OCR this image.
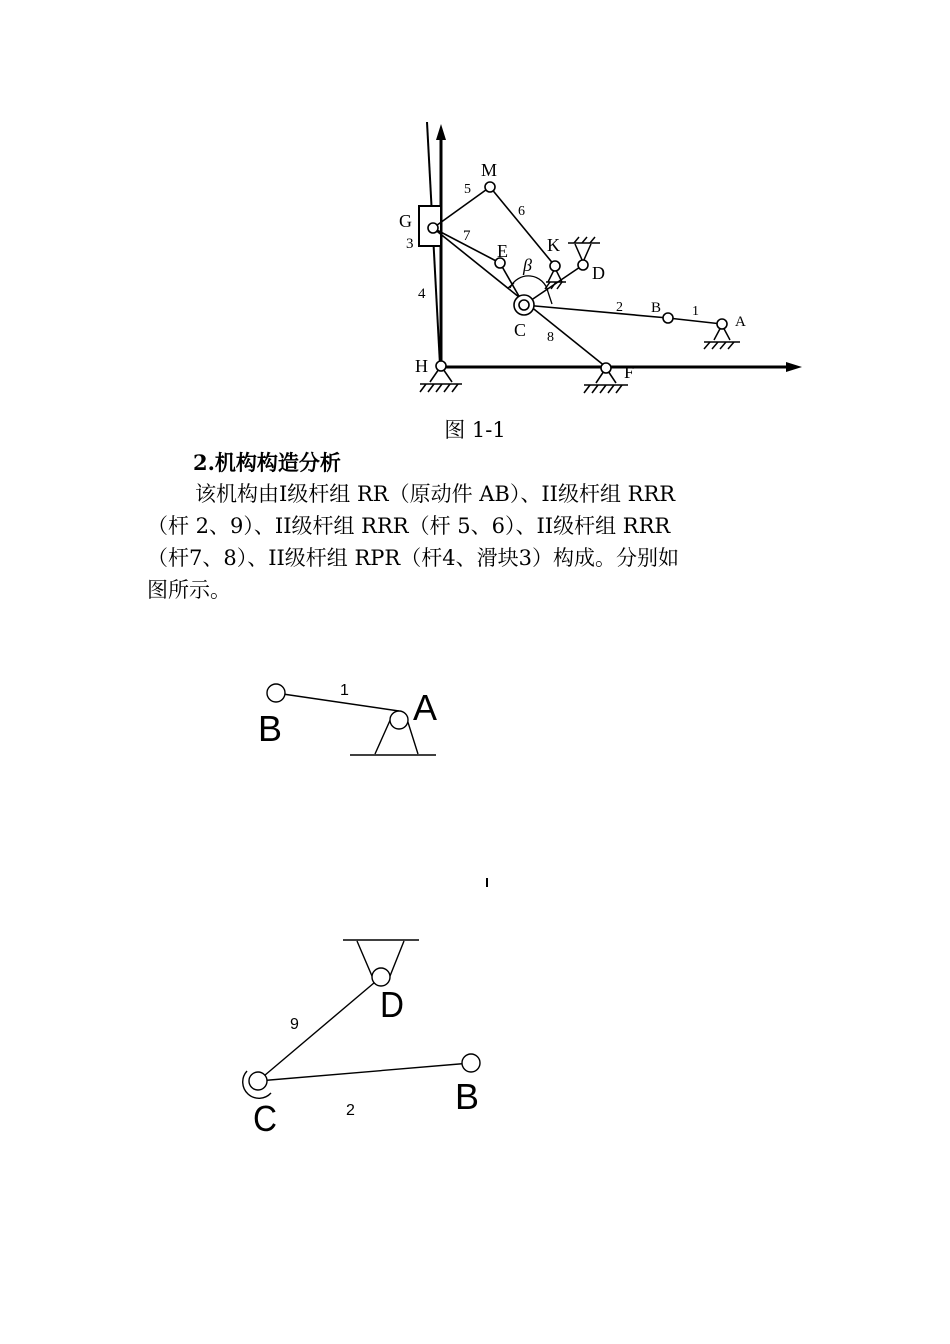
M
G
E K
D
C
B
A
H	F
β
1
2
3
4
5
6
7
8
图 1-1
2.机构构造分析
该机构由I级杆组 RR（原动件 AB）、II级杆组 RRR
（杆 2、9）、II级杆组 RRR（杆 5、6）、II级杆组 RRR
（杆7、8）、II级杆组 RPR（杆4、滑块3）构成。分别如
图所示。
B
A
1
D
C
B
9
2
